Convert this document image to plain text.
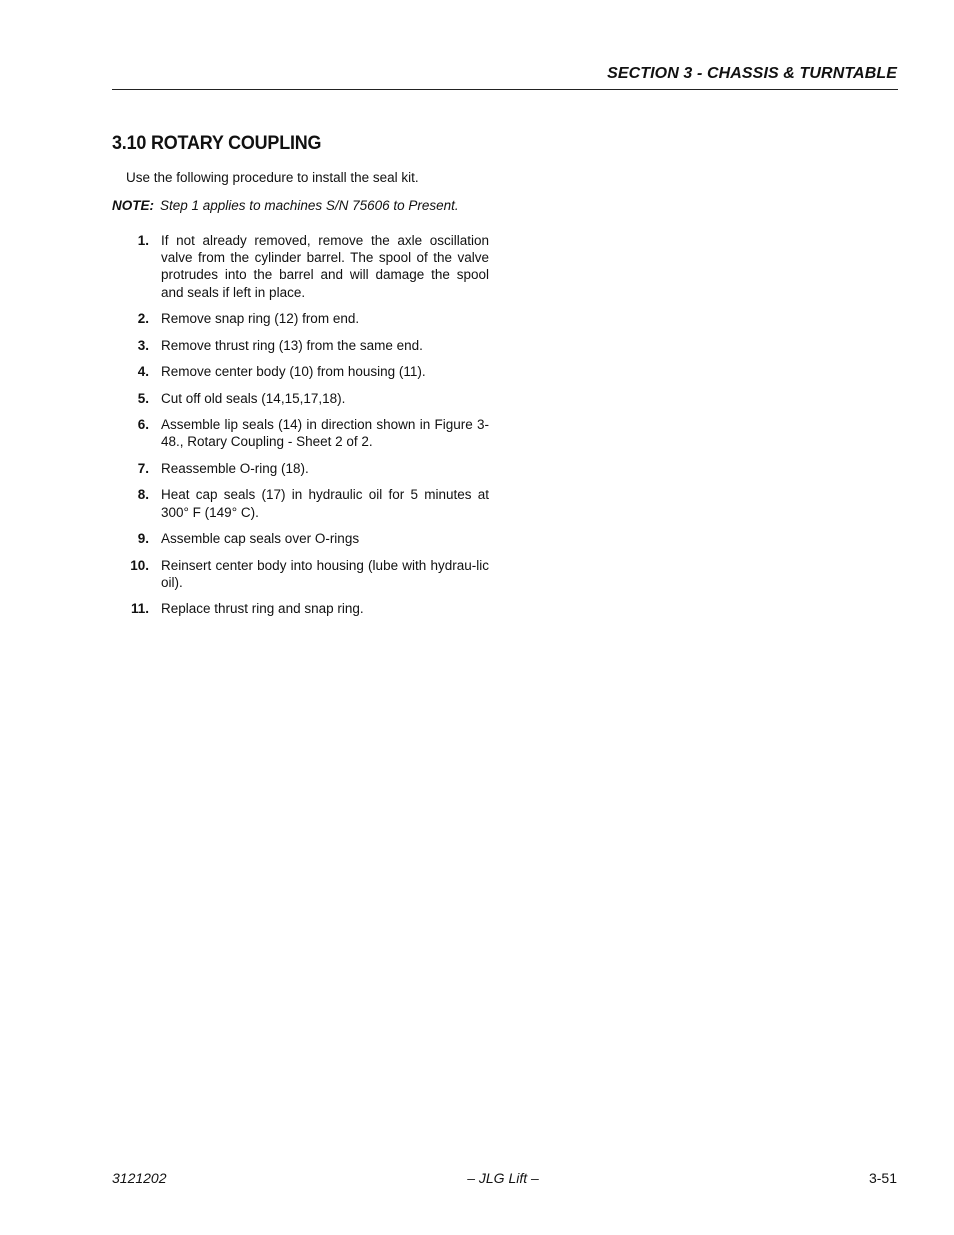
SECTION 3 - CHASSIS & TURNTABLE
3.10 ROTARY COUPLING
Use the following procedure to install the seal kit.
NOTE: Step 1 applies to machines S/N 75606 to Present.
1. If not already removed, remove the axle oscillation valve from the cylinder barrel. The spool of the valve protrudes into the barrel and will damage the spool and seals if left in place.
2. Remove snap ring (12) from end.
3. Remove thrust ring (13) from the same end.
4. Remove center body (10) from housing (11).
5. Cut off old seals (14,15,17,18).
6. Assemble lip seals (14) in direction shown in Figure 3-48., Rotary Coupling - Sheet 2 of 2.
7. Reassemble O-ring (18).
8. Heat cap seals (17) in hydraulic oil for 5 minutes at 300° F (149° C).
9. Assemble cap seals over O-rings
10. Reinsert center body into housing (lube with hydrau-lic oil).
11. Replace thrust ring and snap ring.
3121202	– JLG Lift –	3-51
